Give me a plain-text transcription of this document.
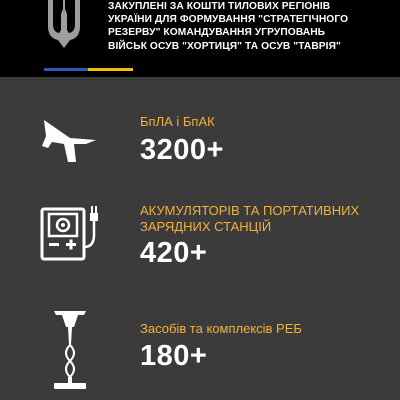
ЗАКУПЛЕНІ ЗА КОШТИ ТИЛОВИХ РЕГІОНІВ
УКРАЇНИ ДЛЯ ФОРМУВАННЯ "СТРАТЕГІЧНОГО
РЕЗЕРВУ" КОМАНДУВАННЯ УГРУПОВАНЬ
ВІЙСЬК ОСУВ "ХОРТИЦЯ" ТА ОСУВ "ТАВРІЯ"
БпЛА і БпАК
3200+
АКУМУЛЯТОРІВ ТА ПОРТАТИВНИХ
ЗАРЯДНИХ СТАНЦІЙ
420+
Засобів та комплексів РЕБ
180+
